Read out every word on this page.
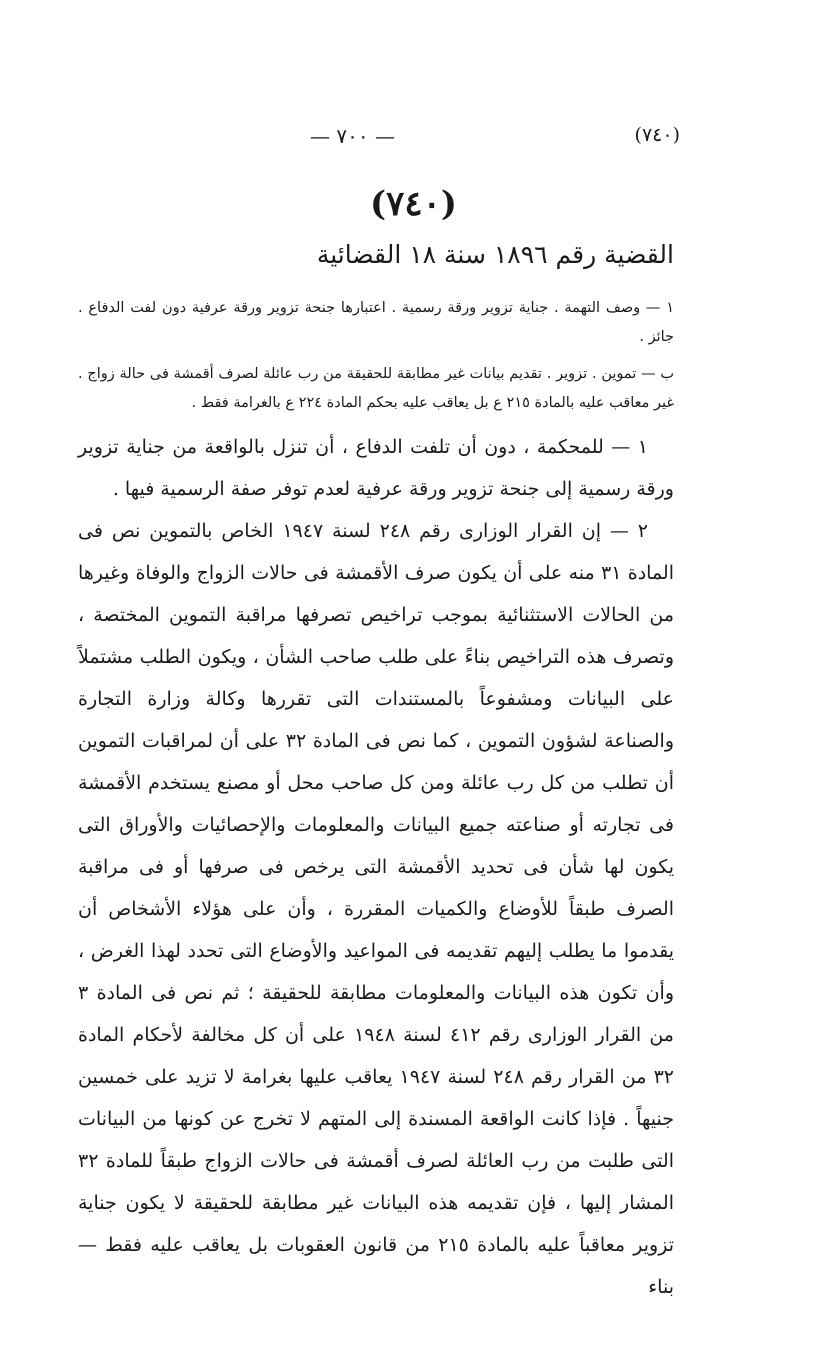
— ٧٠٠ —	(٧٤٠)
(٧٤٠)
القضية رقم ١٨٩٦ سنة ١٨ القضائية

١ — وصف التهمة . جناية تزوير ورقة رسمية . اعتبارها جنحة تزوير ورقة عرفية دون لفت الدفاع . جائز .

ب — تموين . تزوير . تقديم بيانات غير مطابقة للحقيقة من رب عائلة لصرف أقمشة فى حالة زواج . غير معاقب عليه بالمادة ٢١٥ ع بل يعاقب عليه بحكم المادة ٢٢٤ ع بالغرامة فقط .

١ — للمحكمة ، دون أن تلفت الدفاع ، أن تنزل بالواقعة من جناية تزوير ورقة رسمية إلى جنحة تزوير ورقة عرفية لعدم توفر صفة الرسمية فيها .

٢ — إن القرار الوزارى رقم ٢٤٨ لسنة ١٩٤٧ الخاص بالتموين نص فى المادة ٣١ منه على أن يكون صرف الأقمشة فى حالات الزواج والوفاة وغيرها من الحالات الاستثنائية بموجب تراخيص تصرفها مراقبة التموين المختصة ، وتصرف هذه التراخيص بناءً على طلب صاحب الشأن ، ويكون الطلب مشتملاً على البيانات ومشفوعاً بالمستندات التى تقررها وكالة وزارة التجارة والصناعة لشؤون التموين ، كما نص فى المادة ٣٢ على أن لمراقبات التموين أن تطلب من كل رب عائلة ومن كل صاحب محل أو مصنع يستخدم الأقمشة فى تجارته أو صناعته جميع البيانات والمعلومات والإحصائيات والأوراق التى يكون لها شأن فى تحديد الأقمشة التى يرخص فى صرفها أو فى مراقبة الصرف طبقاً للأوضاع والكميات المقررة ، وأن على هؤلاء الأشخاص أن يقدموا ما يطلب إليهم تقديمه فى المواعيد والأوضاع التى تحدد لهذا الغرض ، وأن تكون هذه البيانات والمعلومات مطابقة للحقيقة ؛ ثم نص فى المادة ٣ من القرار الوزارى رقم ٤١٢ لسنة ١٩٤٨ على أن كل مخالفة لأحكام المادة ٣٢ من القرار رقم ٢٤٨ لسنة ١٩٤٧ يعاقب عليها بغرامة لا تزيد على خمسين جنيهاً . فإذا كانت الواقعة المسندة إلى المتهم لا تخرج عن كونها من البيانات التى طلبت من رب العائلة لصرف أقمشة فى حالات الزواج طبقاً للمادة ٣٢ المشار إليها ، فإن تقديمه هذه البيانات غير مطابقة للحقيقة لا يكون جناية تزوير معاقباً عليه بالمادة ٢١٥ من قانون العقوبات بل يعاقب عليه فقط — بناء
